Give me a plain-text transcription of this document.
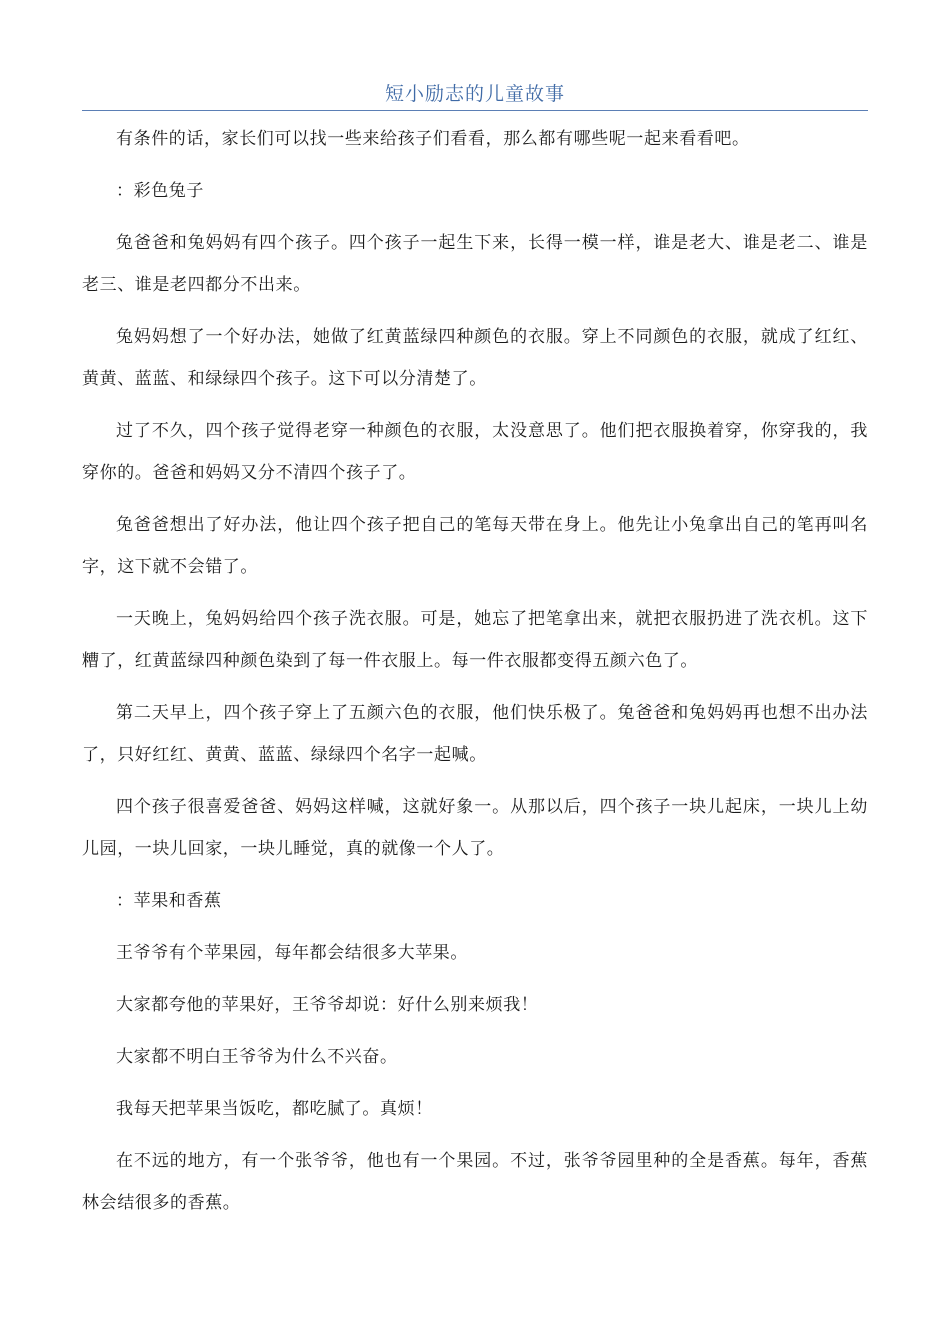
短小励志的儿童故事

有条件的话，家长们可以找一些来给孩子们看看，那么都有哪些呢一起来看看吧。

：彩色兔子

兔爸爸和兔妈妈有四个孩子。四个孩子一起生下来，长得一模一样，谁是老大、谁是老二、谁是老三、谁是老四都分不出来。

兔妈妈想了一个好办法，她做了红黄蓝绿四种颜色的衣服。穿上不同颜色的衣服，就成了红红、黄黄、蓝蓝、和绿绿四个孩子。这下可以分清楚了。

过了不久，四个孩子觉得老穿一种颜色的衣服，太没意思了。他们把衣服换着穿，你穿我的，我穿你的。爸爸和妈妈又分不清四个孩子了。

兔爸爸想出了好办法，他让四个孩子把自己的笔每天带在身上。他先让小兔拿出自己的笔再叫名字，这下就不会错了。

一天晚上，兔妈妈给四个孩子洗衣服。可是，她忘了把笔拿出来，就把衣服扔进了洗衣机。这下糟了，红黄蓝绿四种颜色染到了每一件衣服上。每一件衣服都变得五颜六色了。

第二天早上，四个孩子穿上了五颜六色的衣服，他们快乐极了。兔爸爸和兔妈妈再也想不出办法了，只好红红、黄黄、蓝蓝、绿绿四个名字一起喊。

四个孩子很喜爱爸爸、妈妈这样喊，这就好象一。从那以后，四个孩子一块儿起床，一块儿上幼儿园，一块儿回家，一块儿睡觉，真的就像一个人了。

：苹果和香蕉

王爷爷有个苹果园，每年都会结很多大苹果。

大家都夸他的苹果好，王爷爷却说：好什么别来烦我！

大家都不明白王爷爷为什么不兴奋。

我每天把苹果当饭吃，都吃腻了。真烦！

在不远的地方，有一个张爷爷，他也有一个果园。不过，张爷爷园里种的全是香蕉。每年，香蕉林会结很多的香蕉。
